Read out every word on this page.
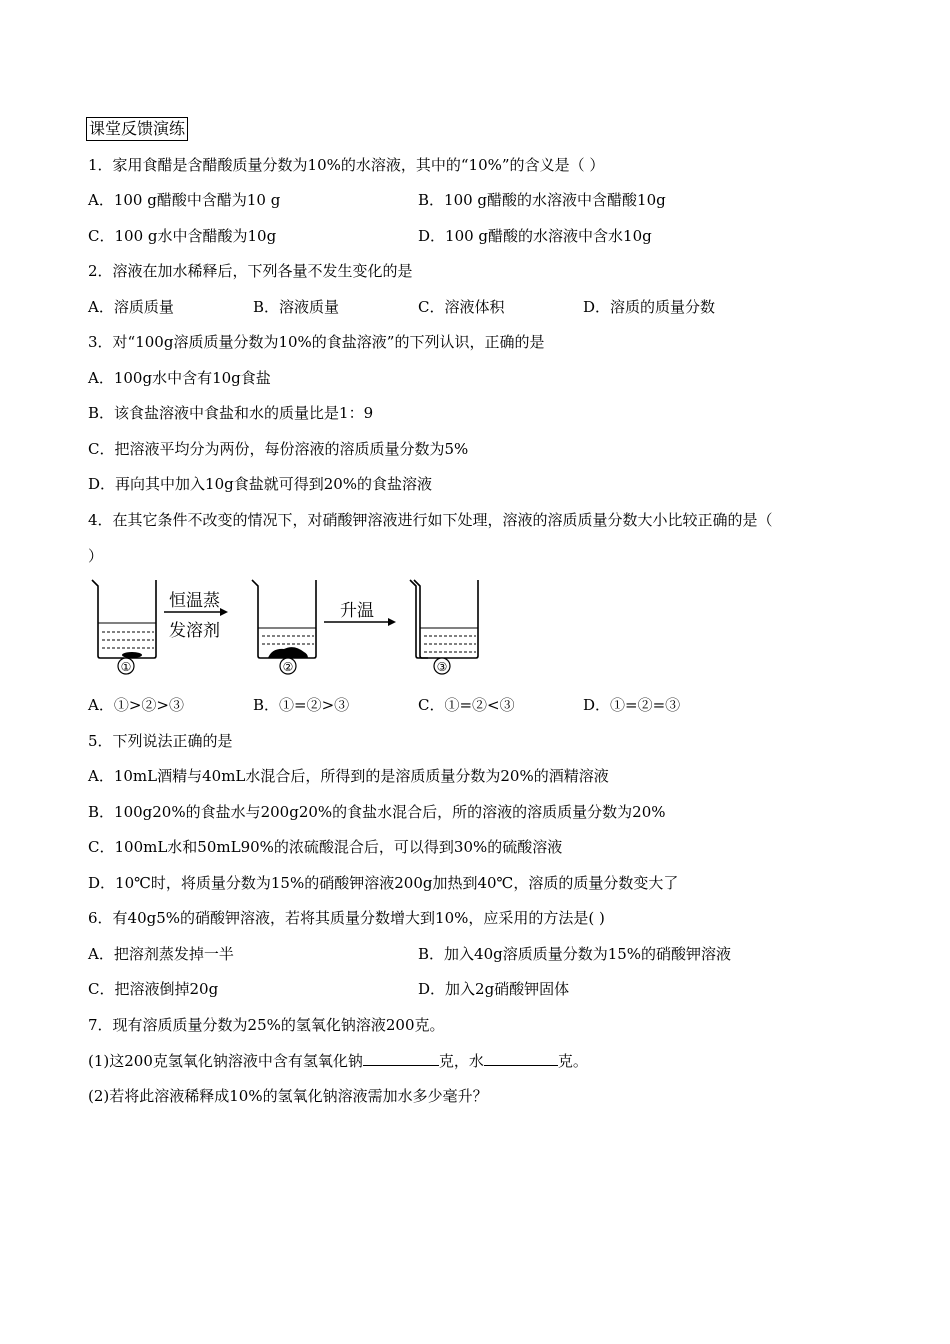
课堂反馈演练
1．家用食醋是含醋酸质量分数为10%的水溶液，其中的“10%”的含义是（ ）
A．100 g醋酸中含醋为10 g	B．100 g醋酸的水溶液中含醋酸10g
C．100 g水中含醋酸为10g	D．100 g醋酸的水溶液中含水10g
2．溶液在加水稀释后，下列各量不发生变化的是
A．溶质质量	B．溶液质量	C．溶液体积	D．溶质的质量分数
3．对“100g溶质质量分数为10%的食盐溶液”的下列认识，正确的是
A．100g水中含有10g食盐
B．该食盐溶液中食盐和水的质量比是1：9
C．把溶液平均分为两份，每份溶液的溶质质量分数为5%
D．再向其中加入10g食盐就可得到20%的食盐溶液
4．在其它条件不改变的情况下，对硝酸钾溶液进行如下处理，溶液的溶质质量分数大小比较正确的是（
）
①
恒温蒸
发溶剂
②
升温
③
A．①>②>③	B．①=②>③	C．①=②<③	D．①=②=③
5．下列说法正确的是
A．10mL酒精与40mL水混合后，所得到的是溶质质量分数为20%的酒精溶液
B．100g20%的食盐水与200g20%的食盐水混合后，所的溶液的溶质质量分数为20%
C．100mL水和50mL90%的浓硫酸混合后，可以得到30%的硫酸溶液
D．10℃时，将质量分数为15%的硝酸钾溶液200g加热到40℃，溶质的质量分数变大了
6．有40g5%的硝酸钾溶液，若将其质量分数增大到10%，应采用的方法是( )
A．把溶剂蒸发掉一半	B．加入40g溶质质量分数为15%的硝酸钾溶液
C．把溶液倒掉20g	D．加入2g硝酸钾固体
7．现有溶质质量分数为25%的氢氧化钠溶液200克。
(1)这200克氢氧化钠溶液中含有氢氧化钠	克，水	克。
(2)若将此溶液稀释成10%的氢氧化钠溶液需加水多少毫升？
